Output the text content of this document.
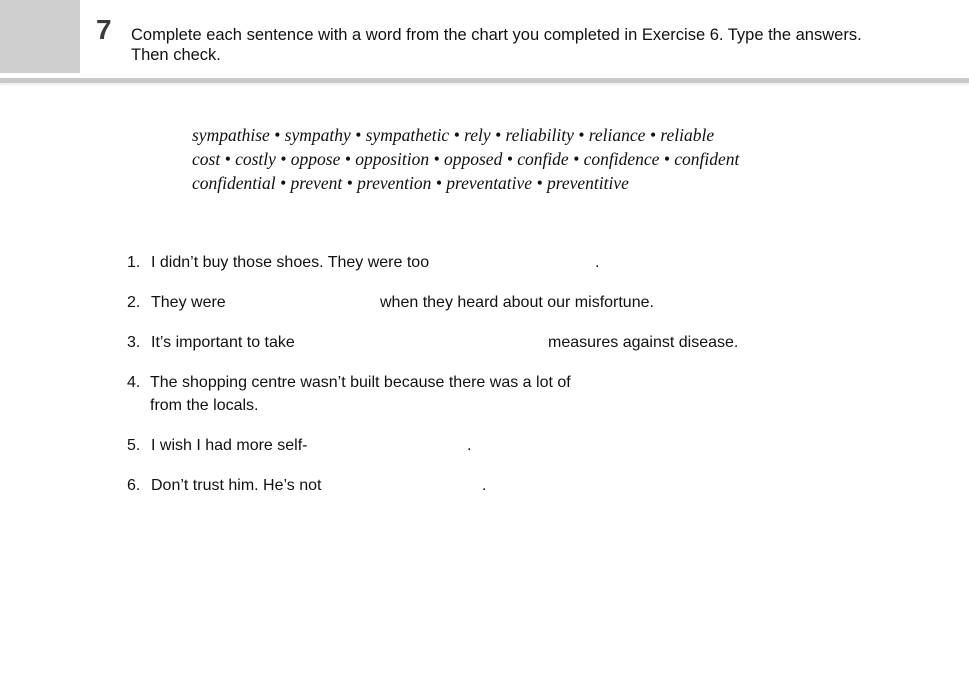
7 Complete each sentence with a word from the chart you completed in Exercise 6. Type the answers.
Then check.
sympathise • sympathy • sympathetic • rely • reliability • reliance • reliable
cost • costly • oppose • opposition • opposed • confide • confidence • confident
confidential • prevent • prevention • preventative • preventitive
1. I didn’t buy those shoes. They were too	.
2. They were	when they heard about our misfortune.
3. It’s important to take	measures against disease.
4. The shopping centre wasn’t built because there was a lot of
from the locals.
5. I wish I had more self-	.
6. Don’t trust him. He’s not	.
